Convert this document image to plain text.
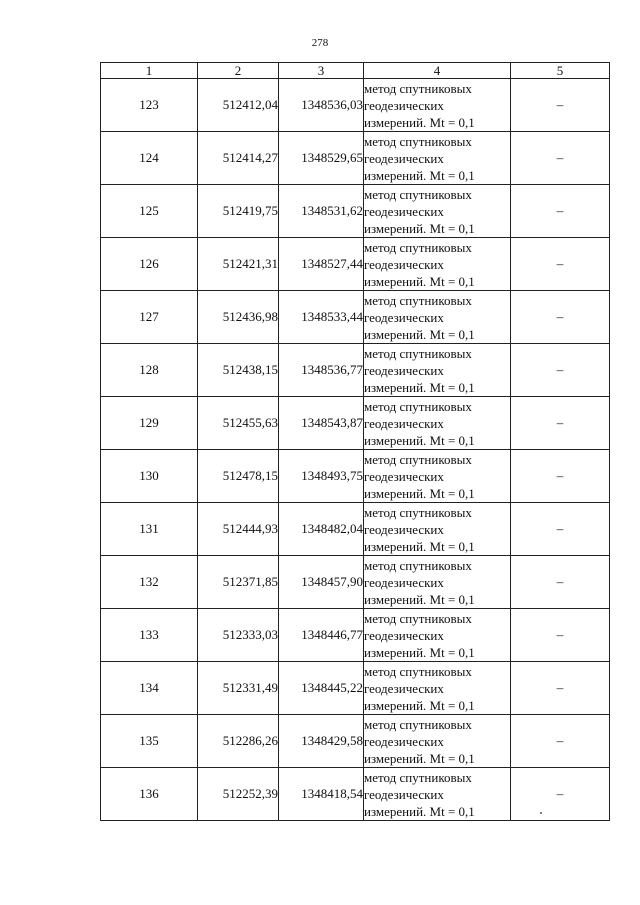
278
1	2	3	4	5
123	512412,04	1348536,03	метод спутниковых
геодезических
измерений. Mt = 0,1	–
124	512414,27	1348529,65	метод спутниковых
геодезических
измерений. Mt = 0,1	–
125	512419,75	1348531,62	метод спутниковых
геодезических
измерений. Mt = 0,1	–
126	512421,31	1348527,44	метод спутниковых
геодезических
измерений. Mt = 0,1	–
127	512436,98	1348533,44	метод спутниковых
геодезических
измерений. Mt = 0,1	–
128	512438,15	1348536,77	метод спутниковых
геодезических
измерений. Mt = 0,1	–
129	512455,63	1348543,87	метод спутниковых
геодезических
измерений. Mt = 0,1	–
130	512478,15	1348493,75	метод спутниковых
геодезических
измерений. Mt = 0,1	–
131	512444,93	1348482,04	метод спутниковых
геодезических
измерений. Mt = 0,1	–
132	512371,85	1348457,90	метод спутниковых
геодезических
измерений. Mt = 0,1	–
133	512333,03	1348446,77	метод спутниковых
геодезических
измерений. Mt = 0,1	–
134	512331,49	1348445,22	метод спутниковых
геодезических
измерений. Mt = 0,1	–
135	512286,26	1348429,58	метод спутниковых
геодезических
измерений. Mt = 0,1	–
136	512252,39	1348418,54	метод спутниковых
геодезических
измерений. Mt = 0,1	–
